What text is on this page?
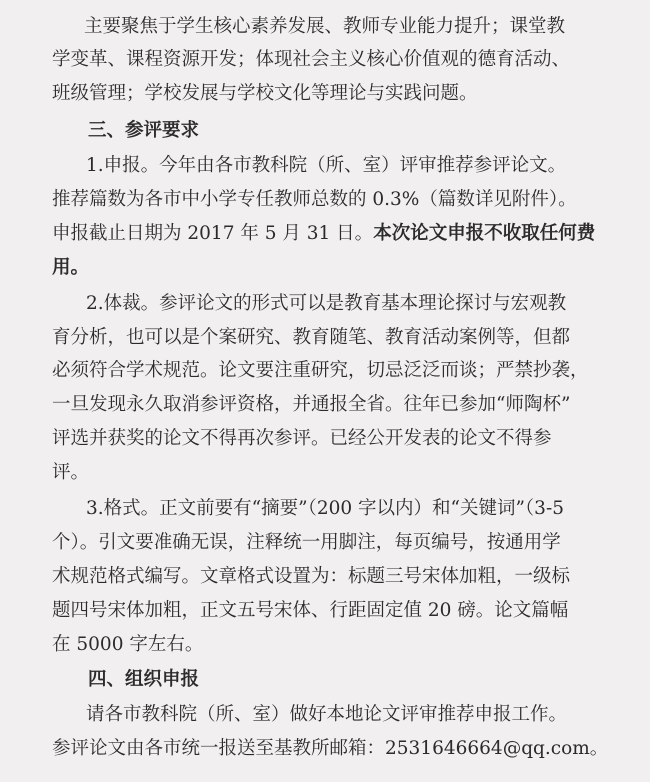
主要聚焦于学生核心素养发展、教师专业能力提升；课堂教
学变革、课程资源开发；体现社会主义核心价值观的德育活动、
班级管理；学校发展与学校文化等理论与实践问题。
三、参评要求
1.申报。今年由各市教科院（所、室）评审推荐参评论文。
推荐篇数为各市中小学专任教师总数的 0.3%（篇数详见附件）。
申报截止日期为 2017 年 5 月 31 日。本次论文申报不收取任何费
用。
2.体裁。参评论文的形式可以是教育基本理论探讨与宏观教
育分析，也可以是个案研究、教育随笔、教育活动案例等，但都
必须符合学术规范。论文要注重研究，切忌泛泛而谈；严禁抄袭，
一旦发现永久取消参评资格，并通报全省。往年已参加“师陶杯”
评选并获奖的论文不得再次参评。已经公开发表的论文不得参
评。
3.格式。正文前要有“摘要”（200 字以内）和“关键词”（3-5
个）。引文要准确无误，注释统一用脚注，每页编号，按通用学
术规范格式编写。文章格式设置为：标题三号宋体加粗，一级标
题四号宋体加粗，正文五号宋体、行距固定值 20 磅。论文篇幅
在 5000 字左右。
四、组织申报
请各市教科院（所、室）做好本地论文评审推荐申报工作。
参评论文由各市统一报送至基教所邮箱：2531646664@qq.com。
